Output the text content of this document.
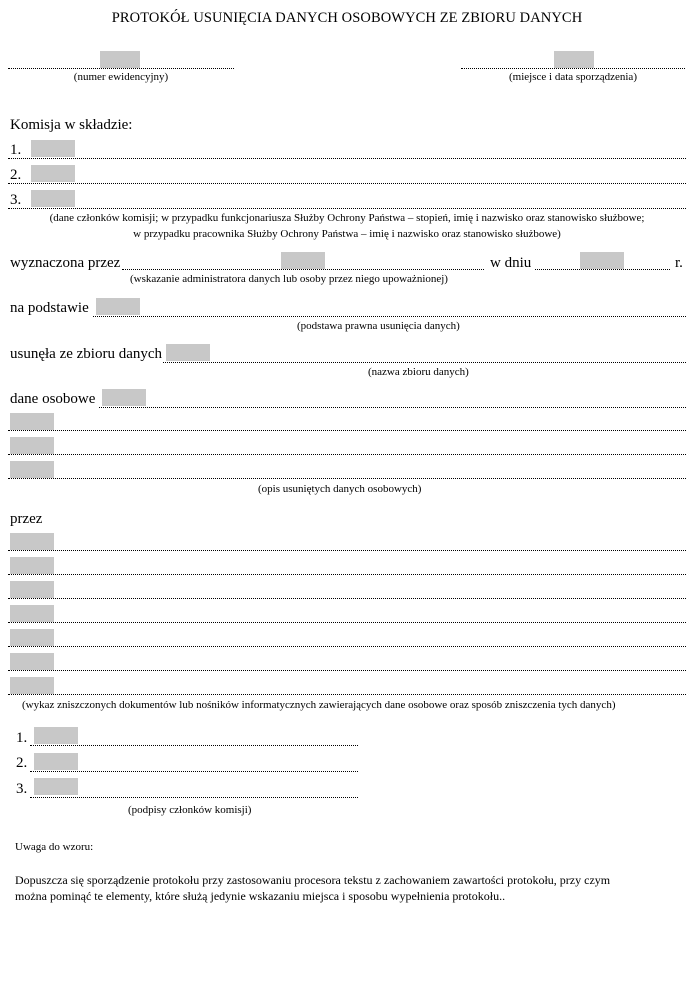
PROTOKÓŁ USUNIĘCIA DANYCH OSOBOWYCH ZE ZBIORU DANYCH
(numer ewidencyjny)	(miejsce i data sporządzenia)
Komisja w składzie:
1.
2.
3.
(dane członków komisji; w przypadku funkcjonariusza Służby Ochrony Państwa – stopień, imię i nazwisko oraz stanowisko służbowe;
w przypadku pracownika Służby Ochrony Państwa – imię i nazwisko oraz stanowisko służbowe)
wyznaczona przez	w dniu	r.
(wskazanie administratora danych lub osoby przez niego upoważnionej)
na podstawie
(podstawa prawna usunięcia danych)
usunęła ze zbioru danych
(nazwa zbioru danych)
dane osobowe
(opis usuniętych danych osobowych)
przez
(wykaz zniszczonych dokumentów lub nośników informatycznych zawierających dane osobowe oraz sposób zniszczenia tych danych)
1.
2.
3.
(podpisy członków komisji)
Uwaga do wzoru:
Dopuszcza się sporządzenie protokołu przy zastosowaniu procesora tekstu z zachowaniem zawartości protokołu, przy czym
można pominąć te elementy, które służą jedynie wskazaniu miejsca i sposobu wypełnienia protokołu..
